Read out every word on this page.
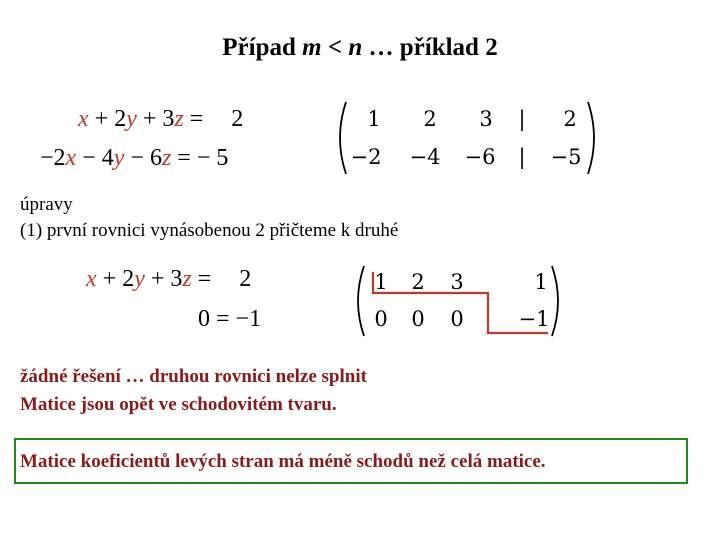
Případ m < n … příklad 2
x + 2y + 3z = 2
−2x − 4y − 6z = − 5
1 2 3 | 2
−2 −4 −6 | −5
úpravy
(1) první rovnici vynásobenou 2 přičteme k druhé
x + 2y + 3z = 2
0 = −1
1 2 3	1
0 0 0	−1
žádné řešení … druhou rovnici nelze splnit
Matice jsou opět ve schodovitém tvaru.
Matice koeficientů levých stran má méně schodů než celá matice.
